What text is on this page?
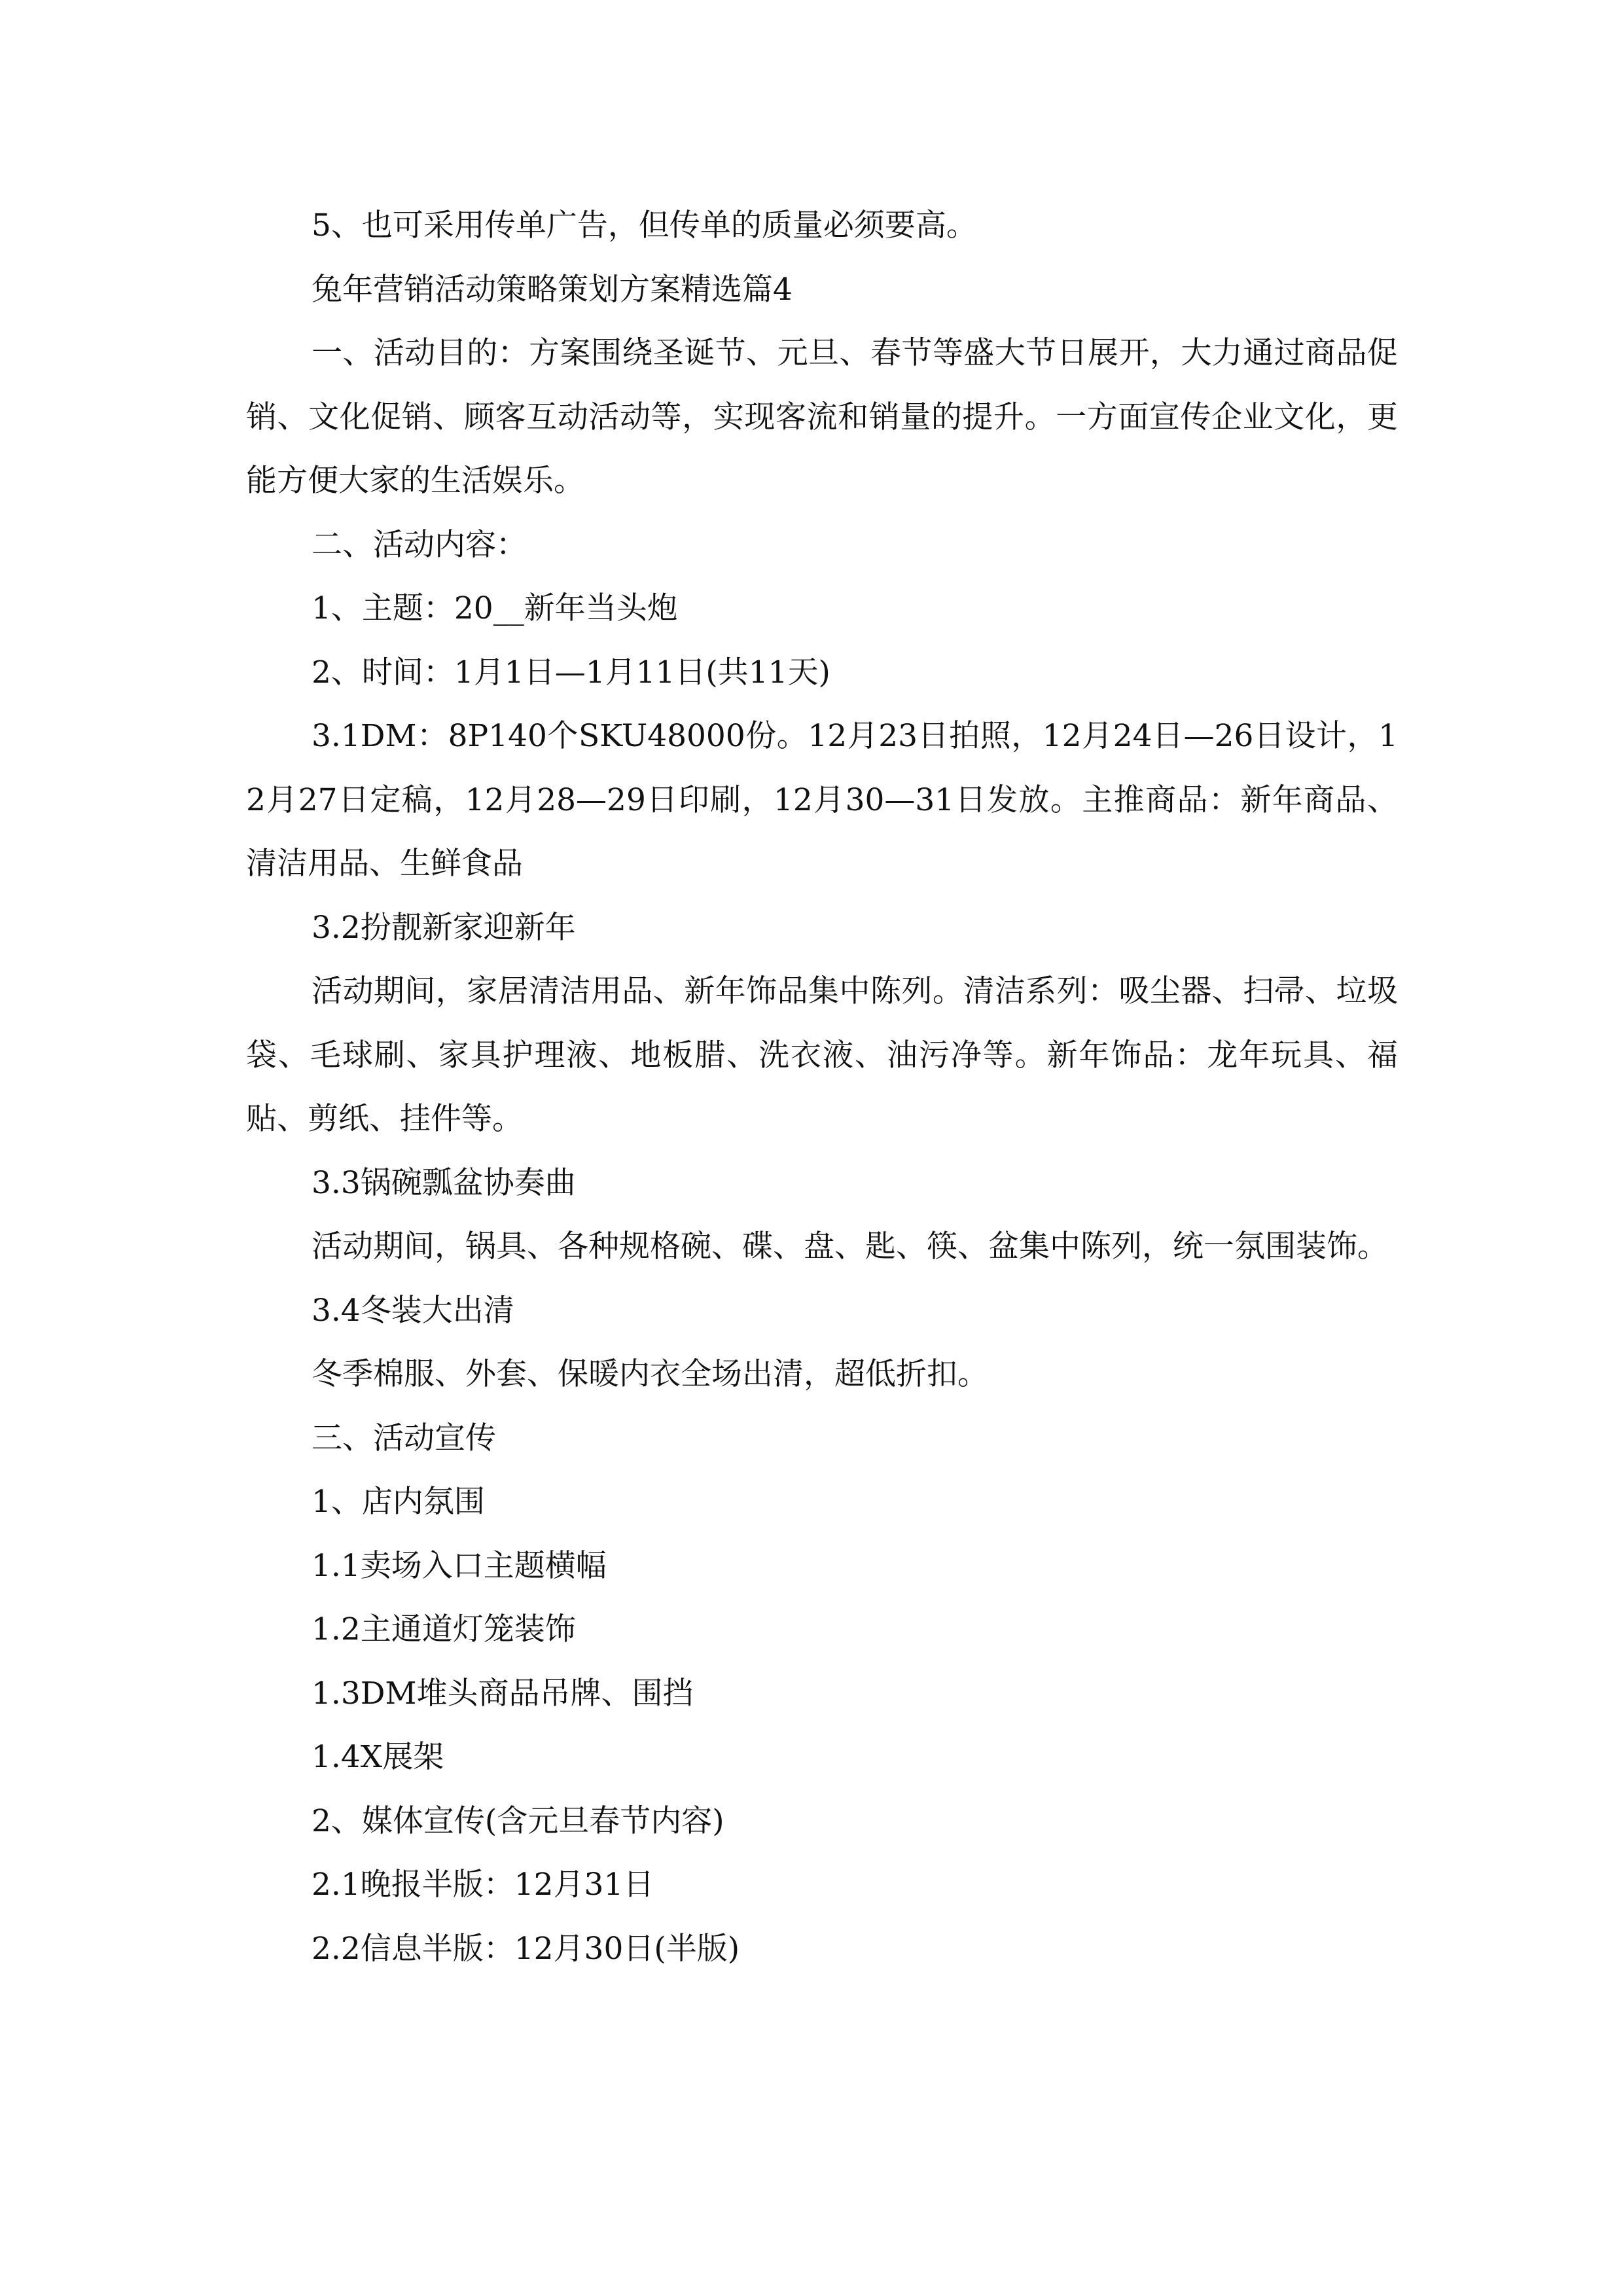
5、也可采用传单广告，但传单的质量必须要高。

兔年营销活动策略策划方案精选篇4

一、活动目的：方案围绕圣诞节、元旦、春节等盛大节日展开，大力通过商品促销、文化促销、顾客互动活动等，实现客流和销量的提升。一方面宣传企业文化，更能方便大家的生活娱乐。

二、活动内容：

1、主题：20__新年当头炮

2、时间：1月1日—1月11日(共11天)

3.1DM：8P140个SKU48000份。12月23日拍照，12月24日—26日设计，12月27日定稿，12月28—29日印刷，12月30—31日发放。主推商品：新年商品、清洁用品、生鲜食品

3.2扮靓新家迎新年

活动期间，家居清洁用品、新年饰品集中陈列。清洁系列：吸尘器、扫帚、垃圾袋、毛球刷、家具护理液、地板腊、洗衣液、油污净等。新年饰品：龙年玩具、福贴、剪纸、挂件等。

3.3锅碗瓢盆协奏曲

活动期间，锅具、各种规格碗、碟、盘、匙、筷、盆集中陈列，统一氛围装饰。

3.4冬装大出清

冬季棉服、外套、保暖内衣全场出清，超低折扣。

三、活动宣传

1、店内氛围

1.1卖场入口主题横幅

1.2主通道灯笼装饰

1.3DM堆头商品吊牌、围挡

1.4X展架

2、媒体宣传(含元旦春节内容)

2.1晚报半版：12月31日

2.2信息半版：12月30日(半版)
